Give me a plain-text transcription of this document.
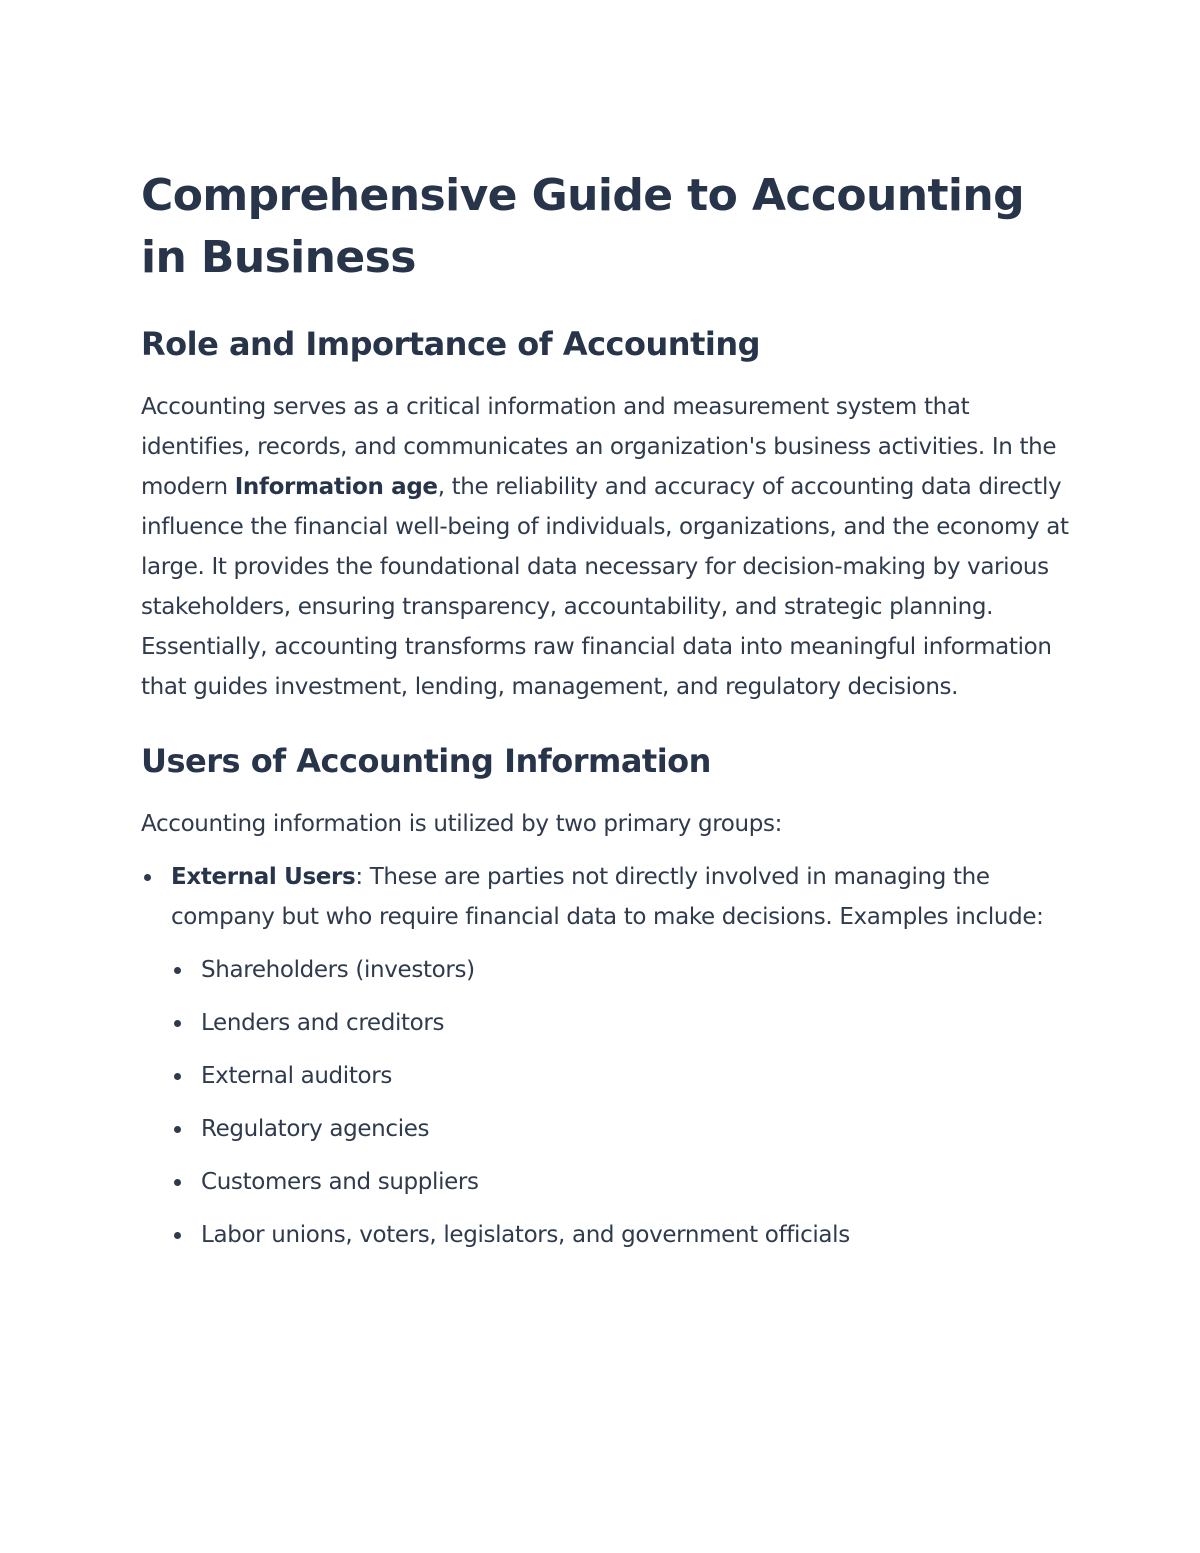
Comprehensive Guide to Accounting in Business
Role and Importance of Accounting

Accounting serves as a critical information and measurement system that identifies, records, and communicates an organization's business activities. In the modern Information age, the reliability and accuracy of accounting data directly influence the financial well-being of individuals, organizations, and the economy at large. It provides the foundational data necessary for decision-making by various stakeholders, ensuring transparency, accountability, and strategic planning. Essentially, accounting transforms raw financial data into meaningful information that guides investment, lending, management, and regulatory decisions.

Users of Accounting Information

Accounting information is utilized by two primary groups:

External Users: These are parties not directly involved in managing the company but who require financial data to make decisions. Examples include:
Shareholders (investors)
Lenders and creditors
External auditors
Regulatory agencies
Customers and suppliers
Labor unions, voters, legislators, and government officials
